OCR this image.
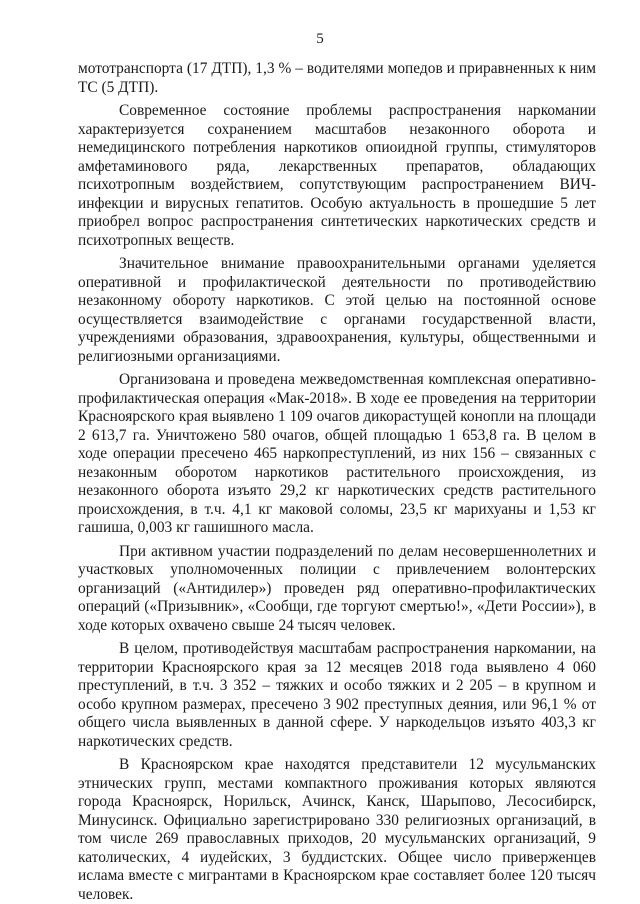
5

мототранспорта (17 ДТП), 1,3 % – водителями мопедов и приравненных к ним ТС (5 ДТП).

Современное состояние проблемы распространения наркомании характеризуется сохранением масштабов незаконного оборота и немедицинского потребления наркотиков опиоидной группы, стимуляторов амфетаминового ряда, лекарственных препаратов, обладающих психотропным воздействием, сопутствующим распространением ВИЧ-инфекции и вирусных гепатитов. Особую актуальность в прошедшие 5 лет приобрел вопрос распространения синтетических наркотических средств и психотропных веществ.

Значительное внимание правоохранительными органами уделяется оперативной и профилактической деятельности по противодействию незаконному обороту наркотиков. С этой целью на постоянной основе осуществляется взаимодействие с органами государственной власти, учреждениями образования, здравоохранения, культуры, общественными и религиозными организациями.

Организована и проведена межведомственная комплексная оперативно-профилактическая операция «Мак-2018». В ходе ее проведения на территории Красноярского края выявлено 1 109 очагов дикорастущей конопли на площади 2 613,7 га. Уничтожено 580 очагов, общей площадью 1 653,8 га. В целом в ходе операции пресечено 465 наркопреступлений, из них 156 – связанных с незаконным оборотом наркотиков растительного происхождения, из незаконного оборота изъято 29,2 кг наркотических средств растительного происхождения, в т.ч. 4,1 кг маковой соломы, 23,5 кг марихуаны и 1,53 кг гашиша, 0,003 кг гашишного масла.

При активном участии подразделений по делам несовершеннолетних и участковых уполномоченных полиции с привлечением волонтерских организаций («Антидилер») проведен ряд оперативно-профилактических операций («Призывник», «Сообщи, где торгуют смертью!», «Дети России»), в ходе которых охвачено свыше 24 тысяч человек.

В целом, противодействуя масштабам распространения наркомании, на территории Красноярского края за 12 месяцев 2018 года выявлено 4 060 преступлений, в т.ч. 3 352 – тяжких и особо тяжких и 2 205 – в крупном и особо крупном размерах, пресечено 3 902 преступных деяния, или 96,1 % от общего числа выявленных в данной сфере. У наркодельцов изъято 403,3 кг наркотических средств.

В Красноярском крае находятся представители 12 мусульманских этнических групп, местами компактного проживания которых являются города Красноярск, Норильск, Ачинск, Канск, Шарыпово, Лесосибирск, Минусинск. Официально зарегистрировано 330 религиозных организаций, в том числе 269 православных приходов, 20 мусульманских организаций, 9 католических, 4 иудейских, 3 буддистских. Общее число приверженцев ислама вместе с мигрантами в Красноярском крае составляет более 120 тысяч человек.
